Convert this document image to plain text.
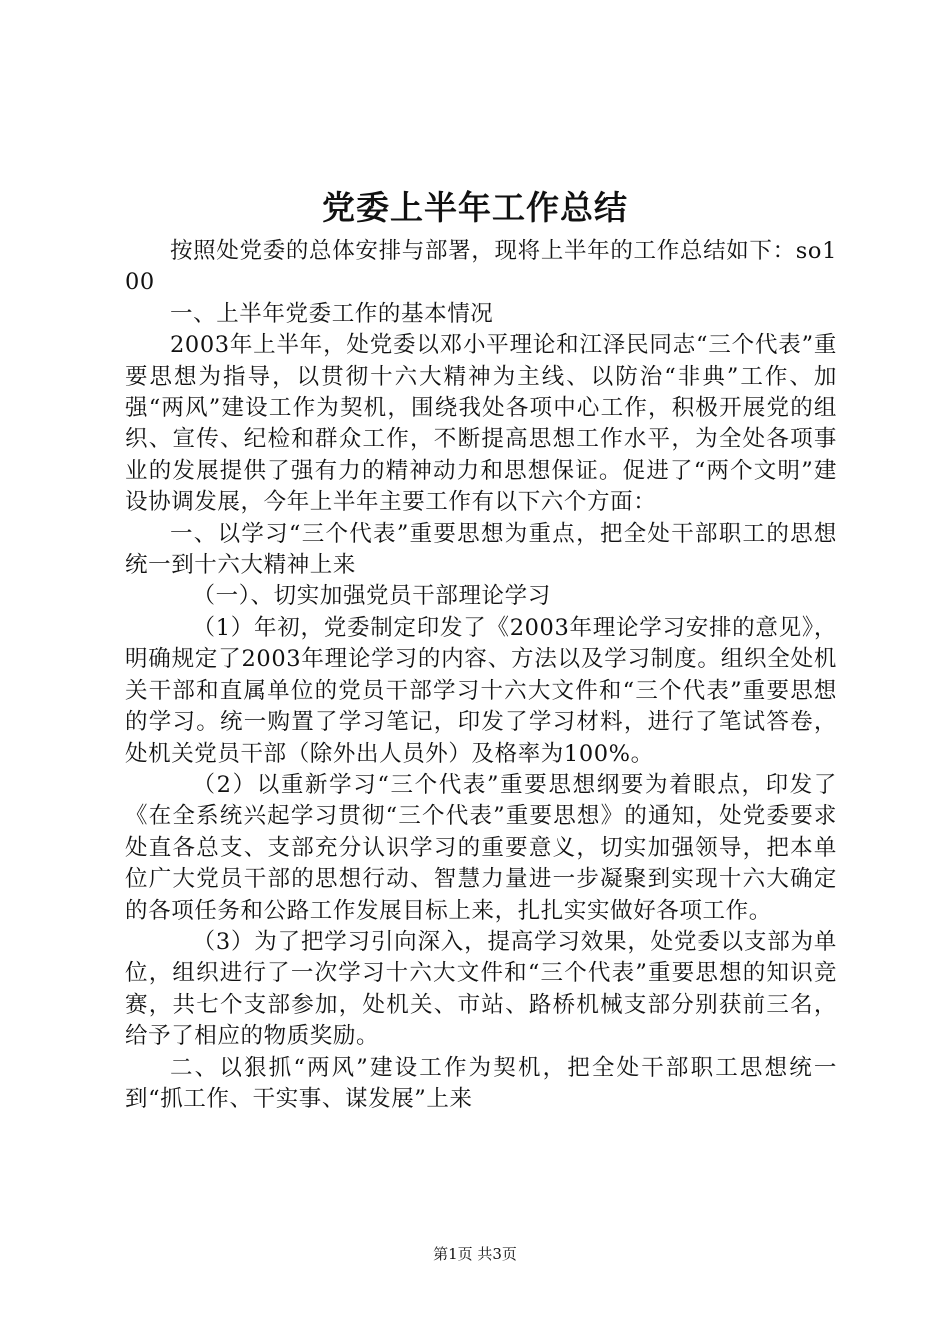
党委上半年工作总结

按照处党委的总体安排与部署，现将上半年的工作总结如下：so100

一、上半年党委工作的基本情况

2003年上半年，处党委以邓小平理论和江泽民同志“三个代表”重要思想为指导，以贯彻十六大精神为主线、以防治“非典”工作、加强“两风”建设工作为契机，围绕我处各项中心工作，积极开展党的组织、宣传、纪检和群众工作，不断提高思想工作水平，为全处各项事业的发展提供了强有力的精神动力和思想保证。促进了“两个文明”建设协调发展，今年上半年主要工作有以下六个方面：

一、以学习“三个代表”重要思想为重点，把全处干部职工的思想统一到十六大精神上来

（一）、切实加强党员干部理论学习

（1）年初，党委制定印发了《2003年理论学习安排的意见》，明确规定了2003年理论学习的内容、方法以及学习制度。组织全处机关干部和直属单位的党员干部学习十六大文件和“三个代表”重要思想的学习。统一购置了学习笔记，印发了学习材料，进行了笔试答卷，处机关党员干部（除外出人员外）及格率为100%。

（2）以重新学习“三个代表”重要思想纲要为着眼点，印发了《在全系统兴起学习贯彻“三个代表”重要思想》的通知，处党委要求处直各总支、支部充分认识学习的重要意义，切实加强领导，把本单位广大党员干部的思想行动、智慧力量进一步凝聚到实现十六大确定的各项任务和公路工作发展目标上来，扎扎实实做好各项工作。

（3）为了把学习引向深入，提高学习效果，处党委以支部为单位，组织进行了一次学习十六大文件和“三个代表”重要思想的知识竞赛，共七个支部参加，处机关、市站、路桥机械支部分别获前三名，给予了相应的物质奖励。

二、以狠抓“两风”建设工作为契机，把全处干部职工思想统一到“抓工作、干实事、谋发展”上来

第1页 共3页
